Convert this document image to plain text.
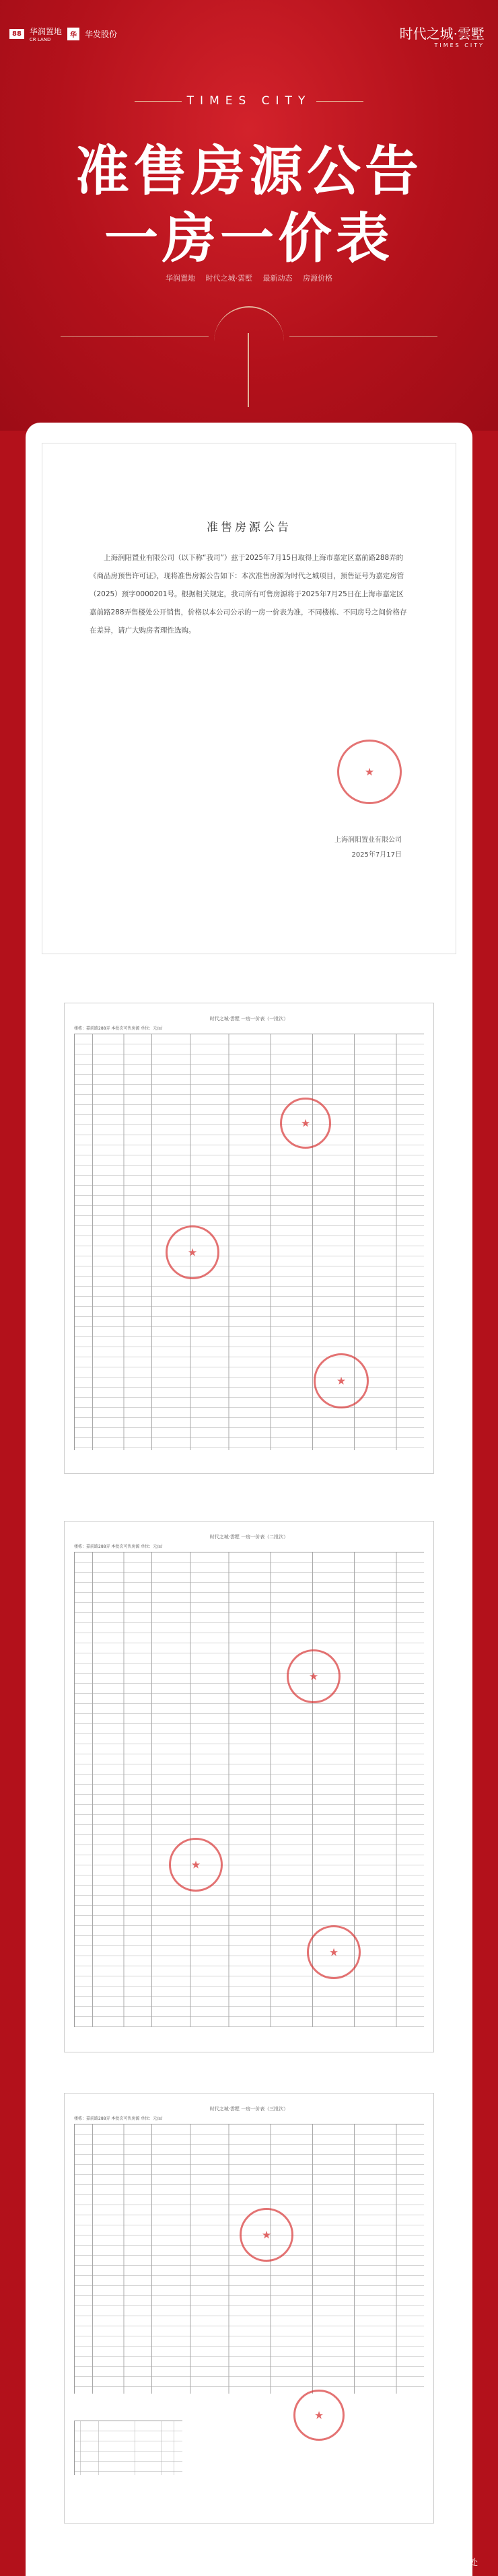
88	华润置地
CR LAND
华	华发股份	时代之城·雲墅
TIMES CITY
TIMES CITY
准售房源公告
一房一价表
华润置地 时代之城·雲墅 最新动态 房源价格
准售房源公告
上海润阳置业有限公司（以下称“我司”）兹于2025年7月15日取得上海市嘉定区嘉前路288弄的《商品房预售许可证》，现将准售房源公告如下：本次准售房源为时代之城项目，预售证号为嘉定房管（2025）预字0000201号。根据相关规定，我司所有可售房源将于2025年7月25日在上海市嘉定区嘉前路288弄售楼处公开销售，价格以本公司公示的一房一价表为准，不同楼栋、不同房号之间价格存在差异，请广大购房者理性选购。
上海润阳置业有限公司
2025年7月17日
★
时代之城·雲墅 一房一价表（一批次）
楼栋：嘉前路288弄 本批次可售房源 单位：元/㎡
★
★
★
时代之城·雲墅 一房一价表（二批次）
楼栋：嘉前路288弄 本批次可售房源 单位：元/㎡
★
★
★
时代之城·雲墅 一房一价表（三批次）
楼栋：嘉前路288弄 本批次可售房源 单位：元/㎡
★
★
搜狐号@时代之城售楼处
